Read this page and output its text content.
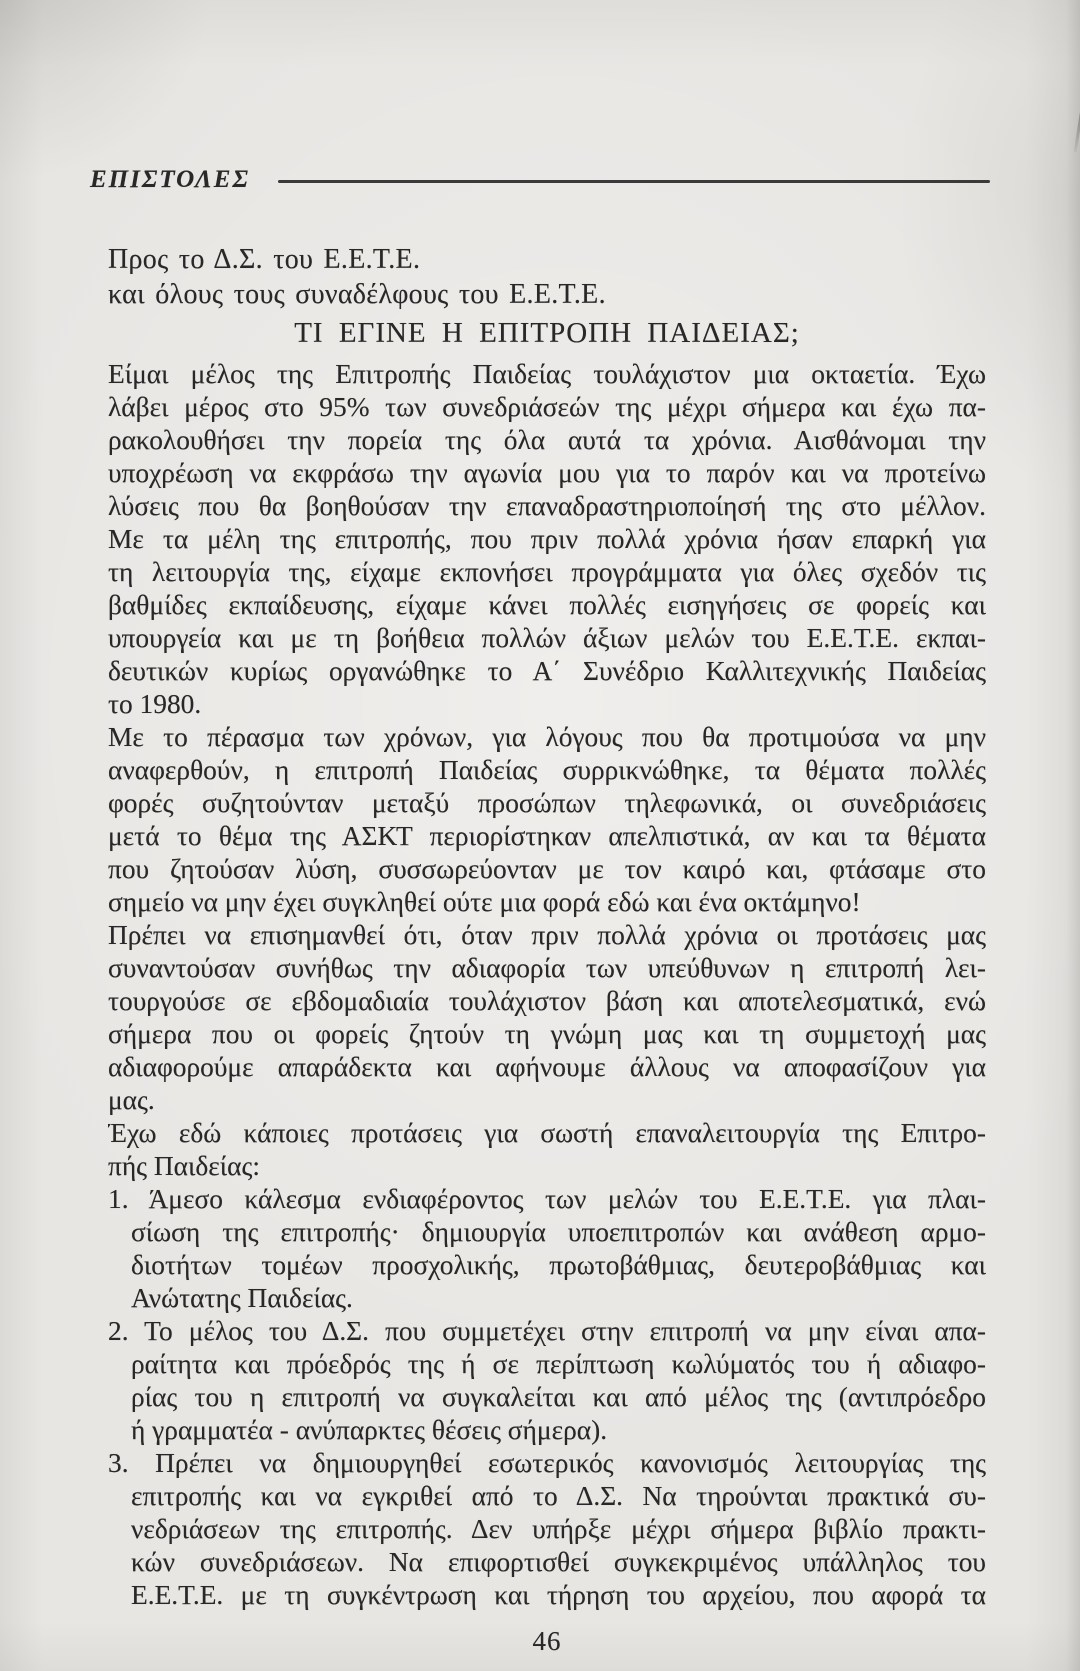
ΕΠΙΣΤΟΛΕΣ
Προς το Δ.Σ. του Ε.Ε.Τ.Ε.
και όλους τους συναδέλφους του Ε.Ε.Τ.Ε.
ΤΙ ΕΓΙΝΕ Η ΕΠΙΤΡΟΠΗ ΠΑΙΔΕΙΑΣ;
Είμαι μέλος της Επιτροπής Παιδείας τουλάχιστον μια οκταετία. Έχω
λάβει μέρος στο 95% των συνεδριάσεών της μέχρι σήμερα και έχω πα-
ρακολουθήσει την πορεία της όλα αυτά τα χρόνια. Αισθάνομαι την
υποχρέωση να εκφράσω την αγωνία μου για το παρόν και να προτείνω
λύσεις που θα βοηθούσαν την επαναδραστηριοποίησή της στο μέλλον.
Με τα μέλη της επιτροπής, που πριν πολλά χρόνια ήσαν επαρκή για
τη λειτουργία της, είχαμε εκπονήσει προγράμματα για όλες σχεδόν τις
βαθμίδες εκπαίδευσης, είχαμε κάνει πολλές εισηγήσεις σε φορείς και
υπουργεία και με τη βοήθεια πολλών άξιων μελών του Ε.Ε.Τ.Ε. εκπαι-
δευτικών κυρίως οργανώθηκε το Α΄ Συνέδριο Καλλιτεχνικής Παιδείας
το 1980.
Με το πέρασμα των χρόνων, για λόγους που θα προτιμούσα να μην
αναφερθούν, η επιτροπή Παιδείας συρρικνώθηκε, τα θέματα πολλές
φορές συζητούνταν μεταξύ προσώπων τηλεφωνικά, οι συνεδριάσεις
μετά το θέμα της ΑΣΚΤ περιορίστηκαν απελπιστικά, αν και τα θέματα
που ζητούσαν λύση, συσσωρεύονταν με τον καιρό και, φτάσαμε στο
σημείο να μην έχει συγκληθεί ούτε μια φορά εδώ και ένα οκτάμηνο!
Πρέπει να επισημανθεί ότι, όταν πριν πολλά χρόνια οι προτάσεις μας
συναντούσαν συνήθως την αδιαφορία των υπεύθυνων η επιτροπή λει-
τουργούσε σε εβδομαδιαία τουλάχιστον βάση και αποτελεσματικά, ενώ
σήμερα που οι φορείς ζητούν τη γνώμη μας και τη συμμετοχή μας
αδιαφορούμε απαράδεκτα και αφήνουμε άλλους να αποφασίζουν για
μας.
Έχω εδώ κάποιες προτάσεις για σωστή επαναλειτουργία της Επιτρο-
πής Παιδείας:
1. Άμεσο κάλεσμα ενδιαφέροντος των μελών του Ε.Ε.Τ.Ε. για πλαι-
σίωση της επιτροπής· δημιουργία υποεπιτροπών και ανάθεση αρμο-
διοτήτων τομέων προσχολικής, πρωτοβάθμιας, δευτεροβάθμιας και
Ανώτατης Παιδείας.
2. Το μέλος του Δ.Σ. που συμμετέχει στην επιτροπή να μην είναι απα-
ραίτητα και πρόεδρός της ή σε περίπτωση κωλύματός του ή αδιαφο-
ρίας του η επιτροπή να συγκαλείται και από μέλος της (αντιπρόεδρο
ή γραμματέα - ανύπαρκτες θέσεις σήμερα).
3. Πρέπει να δημιουργηθεί εσωτερικός κανονισμός λειτουργίας της
επιτροπής και να εγκριθεί από το Δ.Σ. Να τηρούνται πρακτικά συ-
νεδριάσεων της επιτροπής. Δεν υπήρξε μέχρι σήμερα βιβλίο πρακτι-
κών συνεδριάσεων. Να επιφορτισθεί συγκεκριμένος υπάλληλος του
Ε.Ε.Τ.Ε. με τη συγκέντρωση και τήρηση του αρχείου, που αφορά τα
46
